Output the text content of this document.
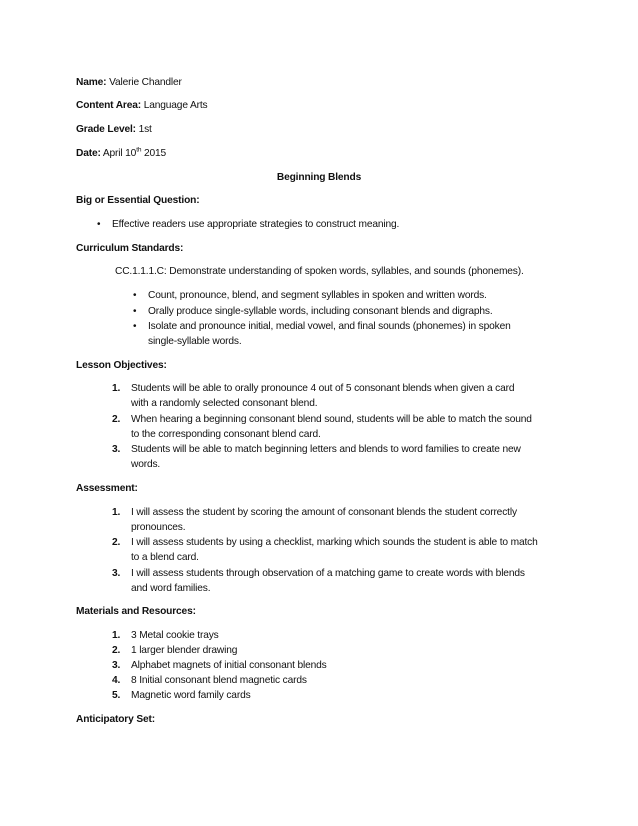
Name: Valerie Chandler
Content Area: Language Arts
Grade Level: 1st
Date: April 10th 2015
Beginning Blends
Big or Essential Question:
• Effective readers use appropriate strategies to construct meaning.
Curriculum Standards:
CC.1.1.1.C: Demonstrate understanding of spoken words, syllables, and sounds (phonemes).
• Count, pronounce, blend, and segment syllables in spoken and written words.
• Orally produce single-syllable words, including consonant blends and digraphs.
• Isolate and pronounce initial, medial vowel, and final sounds (phonemes) in spoken
single-syllable words.
Lesson Objectives:
1. Students will be able to orally pronounce 4 out of 5 consonant blends when given a card
with a randomly selected consonant blend.
2. When hearing a beginning consonant blend sound, students will be able to match the sound
to the corresponding consonant blend card.
3. Students will be able to match beginning letters and blends to word families to create new
words.
Assessment:
1. I will assess the student by scoring the amount of consonant blends the student correctly
pronounces.
2. I will assess students by using a checklist, marking which sounds the student is able to match
to a blend card.
3. I will assess students through observation of a matching game to create words with blends
and word families.
Materials and Resources:
1. 3 Metal cookie trays
2. 1 larger blender drawing
3. Alphabet magnets of initial consonant blends
4. 8 Initial consonant blend magnetic cards
5. Magnetic word family cards
Anticipatory Set:
